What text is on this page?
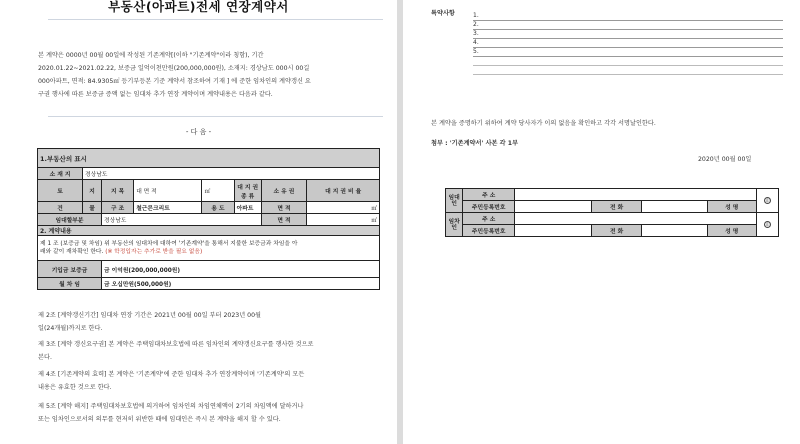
부동산(아파트)전세 연장계약서
본 계약은 0000년 00월 00일에 작성된 기존계약[(이하 "기존계약"이라 칭함), 기간
2020.01.22~2021.02.22, 보증금 일억이천만원(200,000,000원), 소재지: 경상남도 000시 00길
000아파트, 면적: 84.9305㎡ 등기부등본 기준 계약서 참조하여 기재 ] 에 준한 임차인의 계약갱신 요
구권 행사에 따른 보증금 증액 없는 임대차 추가 연장 계약이며 계약내용은 다음과 같다.
- 다 음 -
1.부동산의 표시							
소 재 지	경상남도						
토	지	지 목	대 면 적	㎡	대 지 권 종 류	소 유 권	대 지 권 비 율
건	물	구 조	철근콘크리트	용 도	아파트	면 적	㎡
임대할부분		경상남도				면 적	㎡
2. 계약내용							
제 1 조 (보증금 및 차임) 위 부동산의 임대차에 대하여 '기존계약'을 통해서 지불한 보증금과 차임을 아
래와 같이 재차확인 한다. (※ 학정입자는 추가로 받을 필요 없음)							
기입금 보증금		금 이억원(200,000,000원)					
월 차 임		금 오십만원(500,000원)					
제 2조 [계약갱신기간] 임대차 연장 기간은 2021년 00월 00일 부터 2023년 00월
일(24개월)까지로 한다.
제 3조 [계약 갱신요구권] 본 계약은 주택임대차보호법에 따른 임차인의 계약갱신요구를 행사한 것으로
본다.
제 4조 [기존계약의 효력] 본 계약은 '기존계약'에 준한 임대차 추가 연장계약이며 '기존계약'의 모든
내용은 유효한 것으로 한다.
제 5조 [계약 해지] 주택임대차보호법에 의거하여 임차인의 차임연체액이 2기의 차임액에 달하거나
또는 임차인으로서의 의무를 현저히 위반한 때에 임대인은 즉시 본 계약을 해지 할 수 있다.
특약사항	1.
2.
3.
4.
5.
본 계약을 증명하기 위하여 계약 당사자가 이의 없음을 확인하고 각각 서명날인한다.
첨부 : '기존계약서' 사본 각 1부
2020년 00월 00일
임대인	주 소					印
	주민등록번호		전 화		성 명	
임차인	주 소					印
	주민등록번호		전 화		성 명	
